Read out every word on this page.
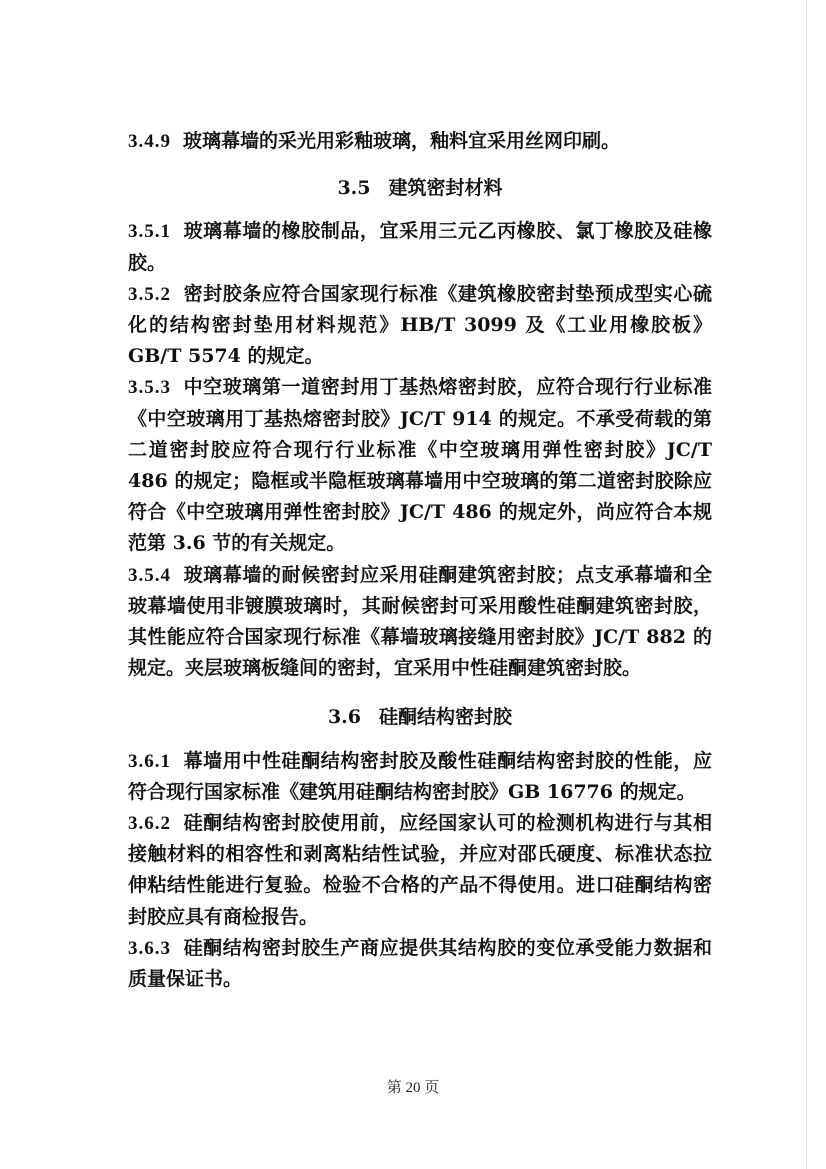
3.4.9 玻璃幕墙的采光用彩釉玻璃，釉料宜采用丝网印刷。

3.5 建筑密封材料

3.5.1 玻璃幕墙的橡胶制品，宜采用三元乙丙橡胶、氯丁橡胶及硅橡胶。

3.5.2 密封胶条应符合国家现行标准《建筑橡胶密封垫预成型实心硫化的结构密封垫用材料规范》HB/T 3099 及《工业用橡胶板》GB/T 5574 的规定。

3.5.3 中空玻璃第一道密封用丁基热熔密封胶，应符合现行行业标准《中空玻璃用丁基热熔密封胶》JC/T 914 的规定。不承受荷载的第二道密封胶应符合现行行业标准《中空玻璃用弹性密封胶》JC/T 486 的规定；隐框或半隐框玻璃幕墙用中空玻璃的第二道密封胶除应符合《中空玻璃用弹性密封胶》JC/T 486 的规定外，尚应符合本规范第 3.6 节的有关规定。

3.5.4 玻璃幕墙的耐候密封应采用硅酮建筑密封胶；点支承幕墙和全玻幕墙使用非镀膜玻璃时，其耐候密封可采用酸性硅酮建筑密封胶，其性能应符合国家现行标准《幕墙玻璃接缝用密封胶》JC/T 882 的规定。夹层玻璃板缝间的密封，宜采用中性硅酮建筑密封胶。

3.6 硅酮结构密封胶

3.6.1 幕墙用中性硅酮结构密封胶及酸性硅酮结构密封胶的性能，应符合现行国家标准《建筑用硅酮结构密封胶》GB 16776 的规定。

3.6.2 硅酮结构密封胶使用前，应经国家认可的检测机构进行与其相接触材料的相容性和剥离粘结性试验，并应对邵氏硬度、标准状态拉伸粘结性能进行复验。检验不合格的产品不得使用。进口硅酮结构密封胶应具有商检报告。

3.6.3 硅酮结构密封胶生产商应提供其结构胶的变位承受能力数据和质量保证书。

第 20 页
